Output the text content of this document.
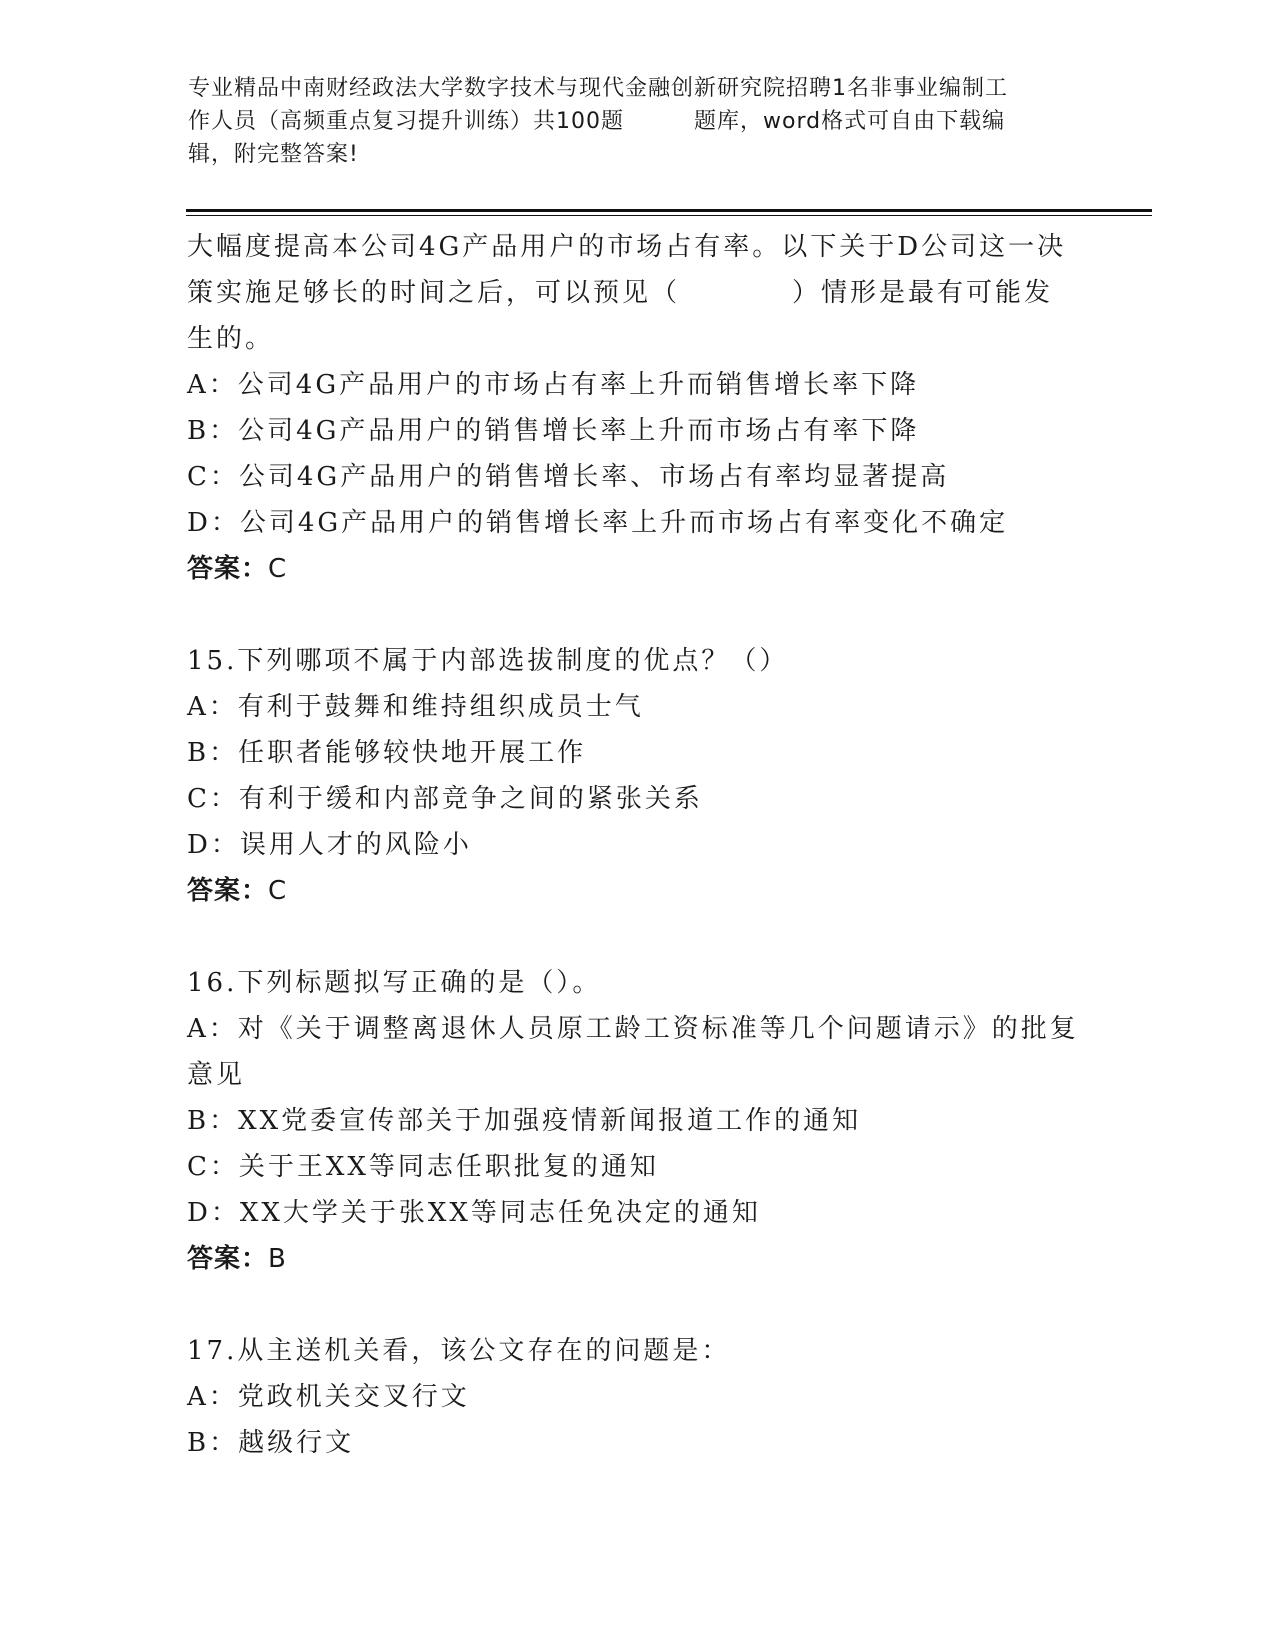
专业精品中南财经政法大学数字技术与现代金融创新研究院招聘1名非事业编制工
作人员（高频重点复习提升训练）共100题	题库，word格式可自由下载编
辑，附完整答案!
大幅度提高本公司4G产品用户的市场占有率。以下关于D公司这一决
策实施足够长的时间之后，可以预见（	）情形是最有可能发
生的。
A：公司4G产品用户的市场占有率上升而销售增长率下降
B：公司4G产品用户的销售增长率上升而市场占有率下降
C：公司4G产品用户的销售增长率、市场占有率均显著提高
D：公司4G产品用户的销售增长率上升而市场占有率变化不确定
答案：C
15.下列哪项不属于内部选拔制度的优点？（）
A：有利于鼓舞和维持组织成员士气
B：任职者能够较快地开展工作
C：有利于缓和内部竞争之间的紧张关系
D：误用人才的风险小
答案：C
16.下列标题拟写正确的是（）。
A：对《关于调整离退休人员原工龄工资标准等几个问题请示》的批复
意见
B：XX党委宣传部关于加强疫情新闻报道工作的通知
C：关于王XX等同志任职批复的通知
D：XX大学关于张XX等同志任免决定的通知
答案：B
17.从主送机关看，该公文存在的问题是：
A：党政机关交叉行文
B：越级行文
